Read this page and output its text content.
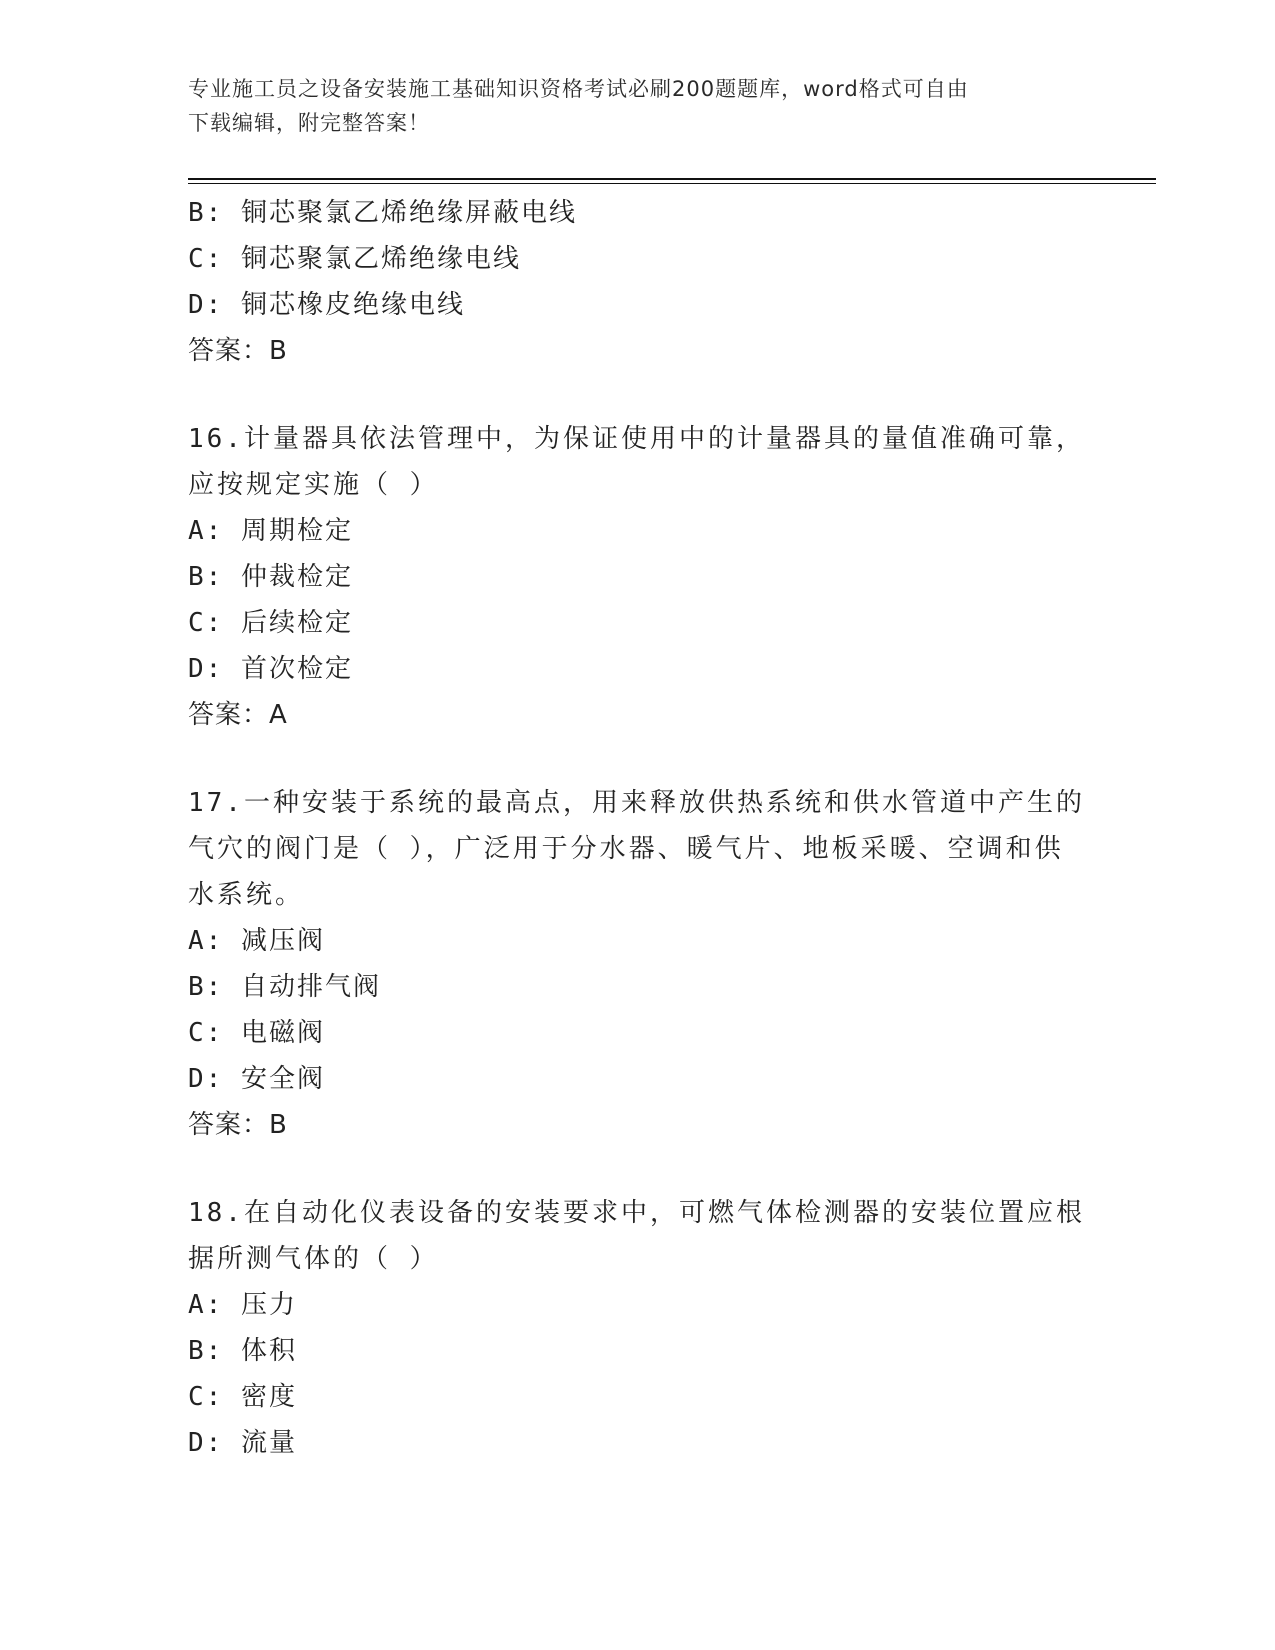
专业施工员之设备安装施工基础知识资格考试必刷200题题库，word格式可自由
下载编辑，附完整答案！
B: 铜芯聚氯乙烯绝缘屏蔽电线
C: 铜芯聚氯乙烯绝缘电线
D: 铜芯橡皮绝缘电线
答案：B
16.计量器具依法管理中，为保证使用中的计量器具的量值准确可靠，
应按规定实施（ ）
A: 周期检定
B: 仲裁检定
C: 后续检定
D: 首次检定
答案：A
17.一种安装于系统的最高点，用来释放供热系统和供水管道中产生的
气穴的阀门是（ ），广泛用于分水器、暖气片、地板采暖、空调和供
水系统。
A: 减压阀
B: 自动排气阀
C: 电磁阀
D: 安全阀
答案：B
18.在自动化仪表设备的安装要求中，可燃气体检测器的安装位置应根
据所测气体的（ ）
A: 压力
B: 体积
C: 密度
D: 流量
